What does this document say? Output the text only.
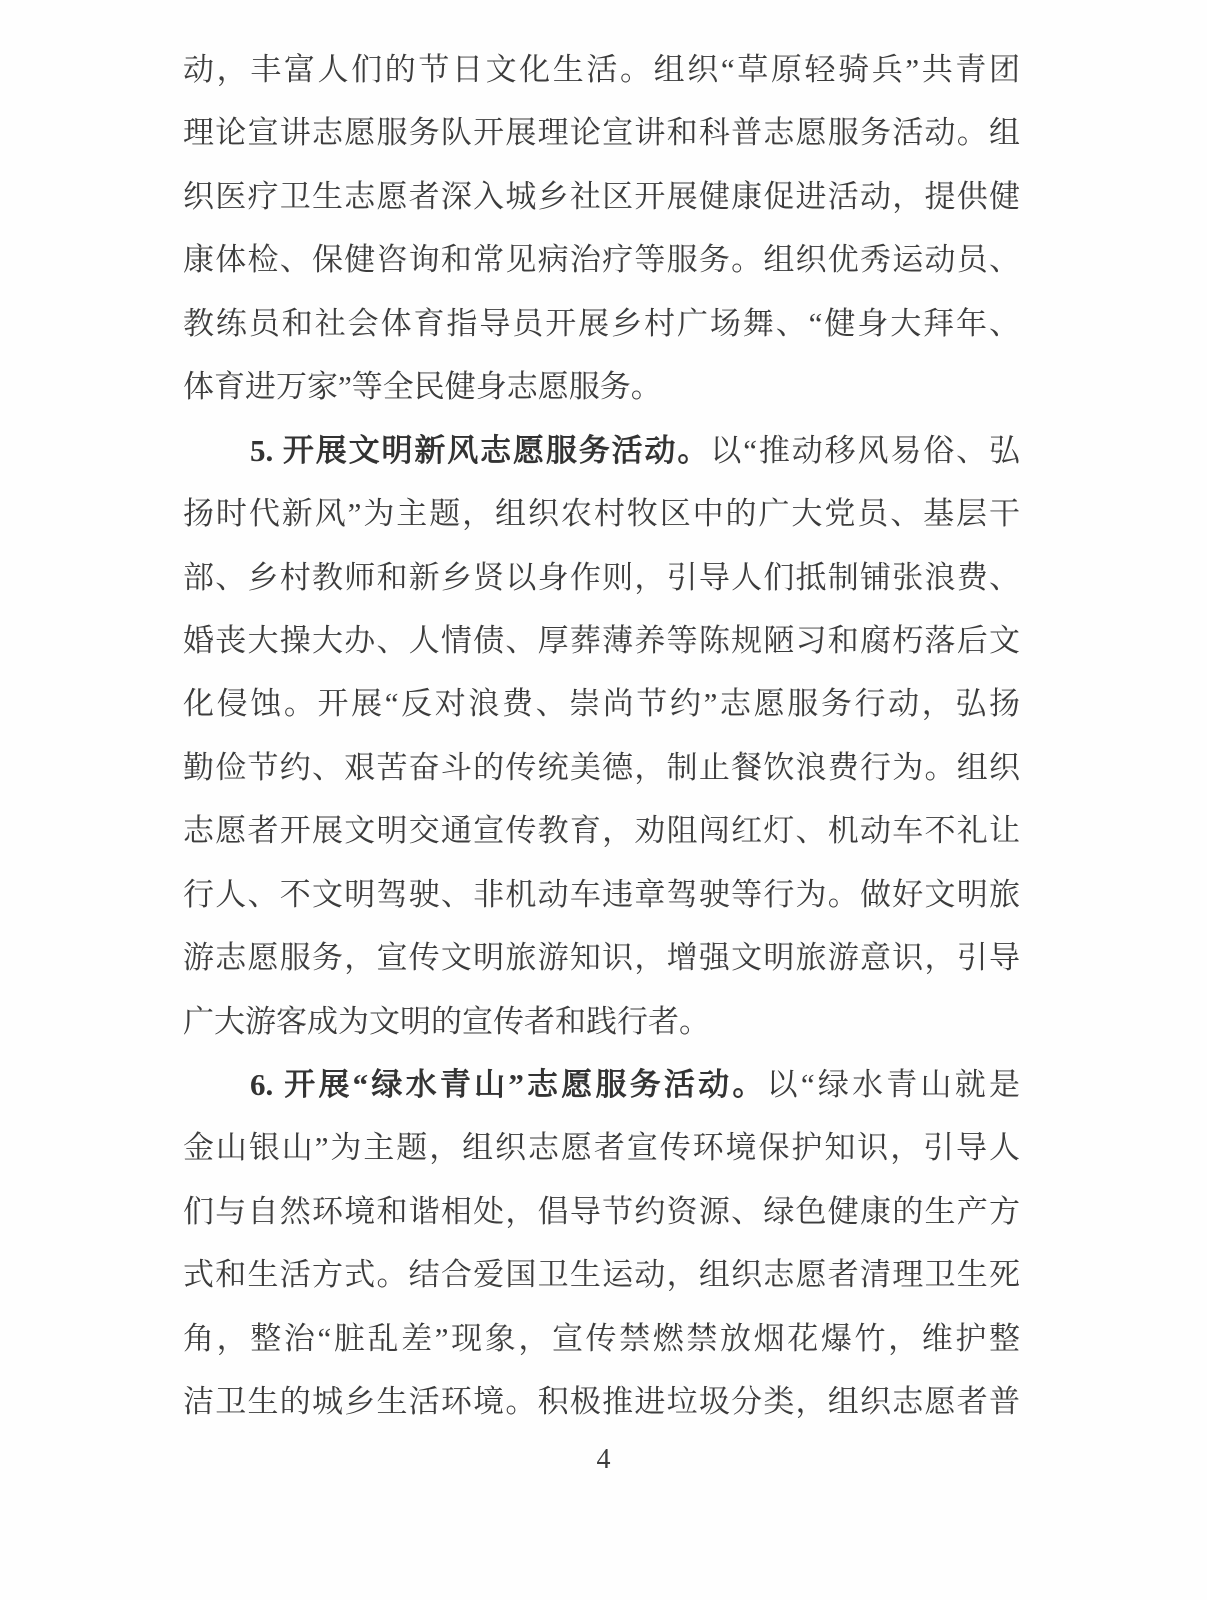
动，丰富人们的节日文化生活。组织“草原轻骑兵”共青团
理论宣讲志愿服务队开展理论宣讲和科普志愿服务活动。组
织医疗卫生志愿者深入城乡社区开展健康促进活动，提供健
康体检、保健咨询和常见病治疗等服务。组织优秀运动员、
教练员和社会体育指导员开展乡村广场舞、“健身大拜年、
体育进万家”等全民健身志愿服务。
5. 开展文明新风志愿服务活动。以“推动移风易俗、弘
扬时代新风”为主题，组织农村牧区中的广大党员、基层干
部、乡村教师和新乡贤以身作则，引导人们抵制铺张浪费、
婚丧大操大办、人情债、厚葬薄养等陈规陋习和腐朽落后文
化侵蚀。开展“反对浪费、崇尚节约”志愿服务行动，弘扬
勤俭节约、艰苦奋斗的传统美德，制止餐饮浪费行为。组织
志愿者开展文明交通宣传教育，劝阻闯红灯、机动车不礼让
行人、不文明驾驶、非机动车违章驾驶等行为。做好文明旅
游志愿服务，宣传文明旅游知识，增强文明旅游意识，引导
广大游客成为文明的宣传者和践行者。
6. 开展“绿水青山”志愿服务活动。以“绿水青山就是
金山银山”为主题，组织志愿者宣传环境保护知识，引导人
们与自然环境和谐相处，倡导节约资源、绿色健康的生产方
式和生活方式。结合爱国卫生运动，组织志愿者清理卫生死
角，整治“脏乱差”现象，宣传禁燃禁放烟花爆竹，维护整
洁卫生的城乡生活环境。积极推进垃圾分类，组织志愿者普
4
